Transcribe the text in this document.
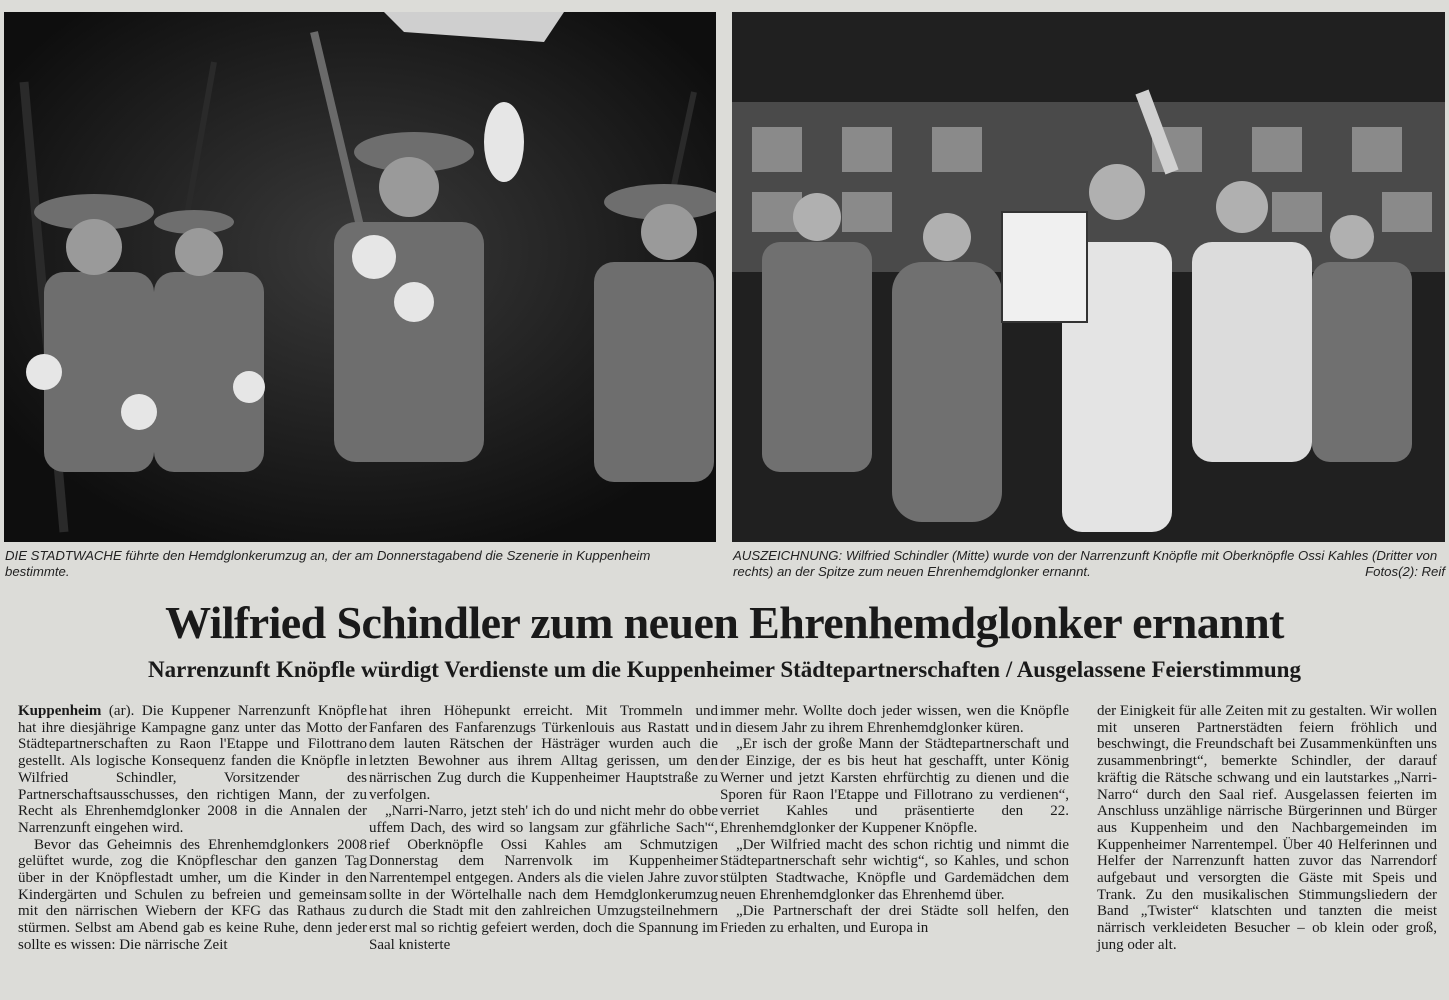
DIE STADTWACHE führte den Hemdglonkerumzug an, der am Donnerstagabend die Szenerie in Kuppenheim bestimmte.
AUSZEICHNUNG: Wilfried Schindler (Mitte) wurde von der Narrenzunft Knöpfle mit Oberknöpfle Ossi Kahles (Dritter von rechts) an der Spitze zum neuen Ehrenhemdglonker ernannt.	Fotos(2): Reif
Wilfried Schindler zum neuen Ehrenhemdglonker ernannt
Narrenzunft Knöpfle würdigt Verdienste um die Kuppenheimer Städtepartnerschaften / Ausgelassene Feierstimmung

Kuppenheim (ar). Die Kuppener Narrenzunft Knöpfle hat ihre diesjährige Kampagne ganz unter das Motto der Städtepartnerschaften zu Raon l'Etappe und Filottrano gestellt. Als logische Konsequenz fanden die Knöpfle in Wilfried Schindler, Vorsitzender des Partnerschaftsausschusses, den richtigen Mann, der zu Recht als Ehrenhemdglonker 2008 in die Annalen der Narrenzunft eingehen wird.

Bevor das Geheimnis des Ehrenhemdglonkers 2008 gelüftet wurde, zog die Knöpfleschar den ganzen Tag über in der Knöpflestadt umher, um die Kinder in den Kindergärten und Schulen zu befreien und gemeinsam mit den närrischen Wiebern der KFG das Rathaus zu stürmen. Selbst am Abend gab es keine Ruhe, denn jeder sollte es wissen: Die närrische Zeit

hat ihren Höhepunkt erreicht. Mit Trommeln und Fanfaren des Fanfarenzugs Türkenlouis aus Rastatt und dem lauten Rätschen der Hästräger wurden auch die letzten Bewohner aus ihrem Alltag gerissen, um den närrischen Zug durch die Kuppenheimer Hauptstraße zu verfolgen.

„Narri-Narro, jetzt steh' ich do und nicht mehr do obbe uffem Dach, des wird so langsam zur gfährliche Sach'“, rief Oberknöpfle Ossi Kahles am Schmutzigen Donnerstag dem Narrenvolk im Kuppenheimer Narrentempel entgegen. Anders als die vielen Jahre zuvor sollte in der Wörtelhalle nach dem Hemdglonkerumzug durch die Stadt mit den zahlreichen Umzugsteilnehmern erst mal so richtig gefeiert werden, doch die Spannung im Saal knisterte

immer mehr. Wollte doch jeder wissen, wen die Knöpfle in diesem Jahr zu ihrem Ehrenhemdglonker küren.

„Er isch der große Mann der Städtepartnerschaft und der Einzige, der es bis heut hat geschafft, unter König Werner und jetzt Karsten ehrfürchtig zu dienen und die Sporen für Raon l'Etappe und Fillotrano zu verdienen“, verriet Kahles und präsentierte den 22. Ehrenhemdglonker der Kuppener Knöpfle.

„Der Wilfried macht des schon richtig und nimmt die Städtepartnerschaft sehr wichtig“, so Kahles, und schon stülpten Stadtwache, Knöpfle und Gardemädchen dem neuen Ehrenhemdglonker das Ehrenhemd über.

„Die Partnerschaft der drei Städte soll helfen, den Frieden zu erhalten, und Europa in

der Einigkeit für alle Zeiten mit zu gestalten. Wir wollen mit unseren Partnerstädten feiern fröhlich und beschwingt, die Freundschaft bei Zusammenkünften uns zusammenbringt“, bemerkte Schindler, der darauf kräftig die Rätsche schwang und ein lautstarkes „Narri-Narro“ durch den Saal rief. Ausgelassen feierten im Anschluss unzählige närrische Bürgerinnen und Bürger aus Kuppenheim und den Nachbargemeinden im Kuppenheimer Narrentempel. Über 40 Helferinnen und Helfer der Narrenzunft hatten zuvor das Narrendorf aufgebaut und versorgten die Gäste mit Speis und Trank. Zu den musikalischen Stimmungsliedern der Band „Twister“ klatschten und tanzten die meist närrisch verkleideten Besucher – ob klein oder groß, jung oder alt.
